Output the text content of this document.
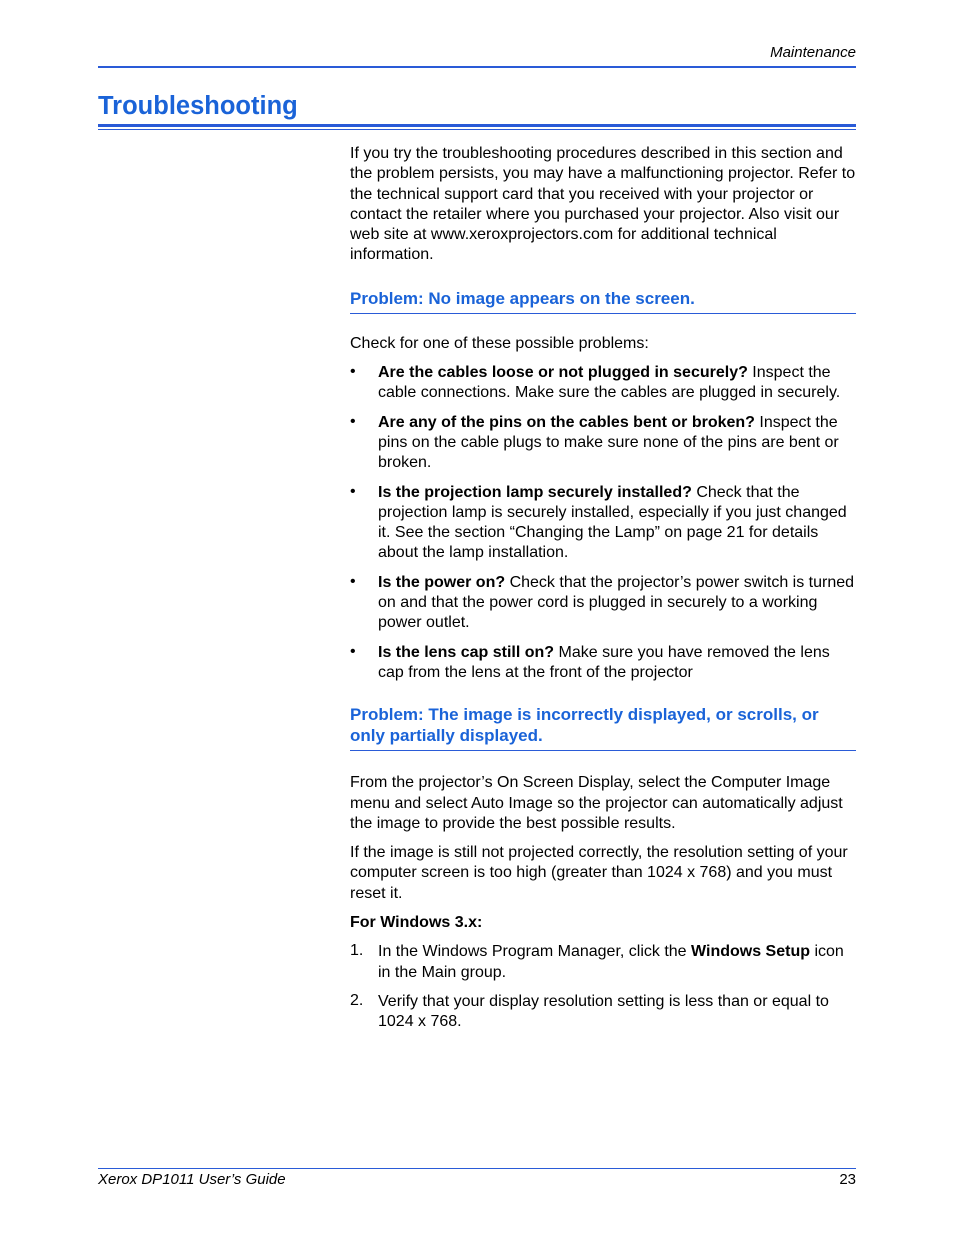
Maintenance
Troubleshooting

If you try the troubleshooting procedures described in this section and the problem persists, you may have a malfunctioning projector. Refer to the technical support card that you received with your projector or contact the retailer where you purchased your projector. Also visit our web site at www.xeroxprojectors.com for additional technical information.

Problem: No image appears on the screen.

Check for one of these possible problems:

•	Are the cables loose or not plugged in securely? Inspect the cable connections. Make sure the cables are plugged in securely.
•	Are any of the pins on the cables bent or broken? Inspect the pins on the cable plugs to make sure none of the pins are bent or broken.
•	Is the projection lamp securely installed? Check that the projection lamp is securely installed, especially if you just changed it. See the section “Changing the Lamp” on page 21 for details about the lamp installation.
•	Is the power on? Check that the projector’s power switch is turned on and that the power cord is plugged in securely to a working power outlet.
•	Is the lens cap still on? Make sure you have removed the lens cap from the lens at the front of the projector
Problem: The image is incorrectly displayed, or scrolls, or only partially displayed.

From the projector’s On Screen Display, select the Computer Image menu and select Auto Image so the projector can automatically adjust the image to provide the best possible results.

If the image is still not projected correctly, the resolution setting of your computer screen is too high (greater than 1024 x 768) and you must reset it.

For Windows 3.x:
1. In the Windows Program Manager, click the Windows Setup icon in the Main group.
2. Verify that your display resolution setting is less than or equal to 1024 x 768.
Xerox DP1011 User’s Guide	23
